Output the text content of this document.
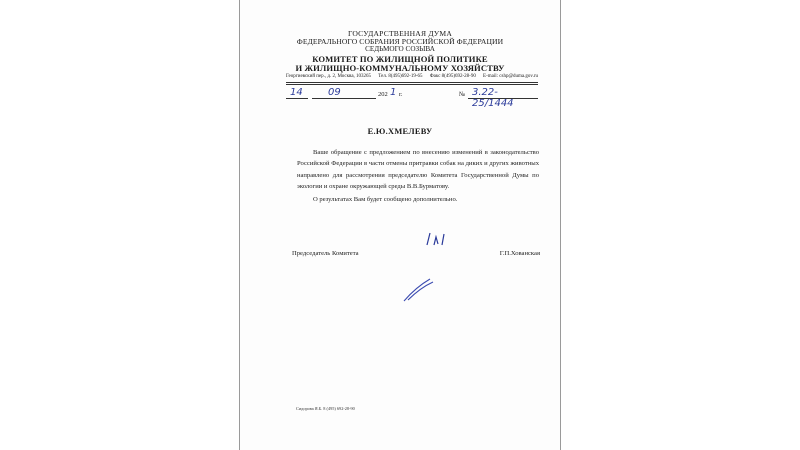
ГОСУДАРСТВЕННАЯ ДУМА
ФЕДЕРАЛЬНОГО СОБРАНИЯ РОССИЙСКОЙ ФЕДЕРАЦИИ
СЕДЬМОГО СОЗЫВА
КОМИТЕТ ПО ЖИЛИЩНОЙ ПОЛИТИКЕ
И ЖИЛИЩНО-КОММУНАЛЬНОМУ ХОЗЯЙСТВУ
Георгиевский пер., д. 2, Москва, 103265 Тел. 8(495)692-19-65 Факс 8(495)692-28-90 E-mail: cshp@duma.gov.ru
14	09	202 1 г.	№ 3.22-25/1444
Е.Ю.ХМЕЛЕВУ

Ваше обращение с предложением по внесению изменений в законодательство Российской Федерации в части отмены притравки собак на диких и других животных направлено для рассмотрения председателю Комитета Государственной Думы по экологии и охране окружающей среды В.В.Бурматову.

О результатах Вам будет сообщено дополнительно.

Председатель Комитета	Г.П.Хованская
Сидорова Я.Б. 8 (495) 692-28-90
